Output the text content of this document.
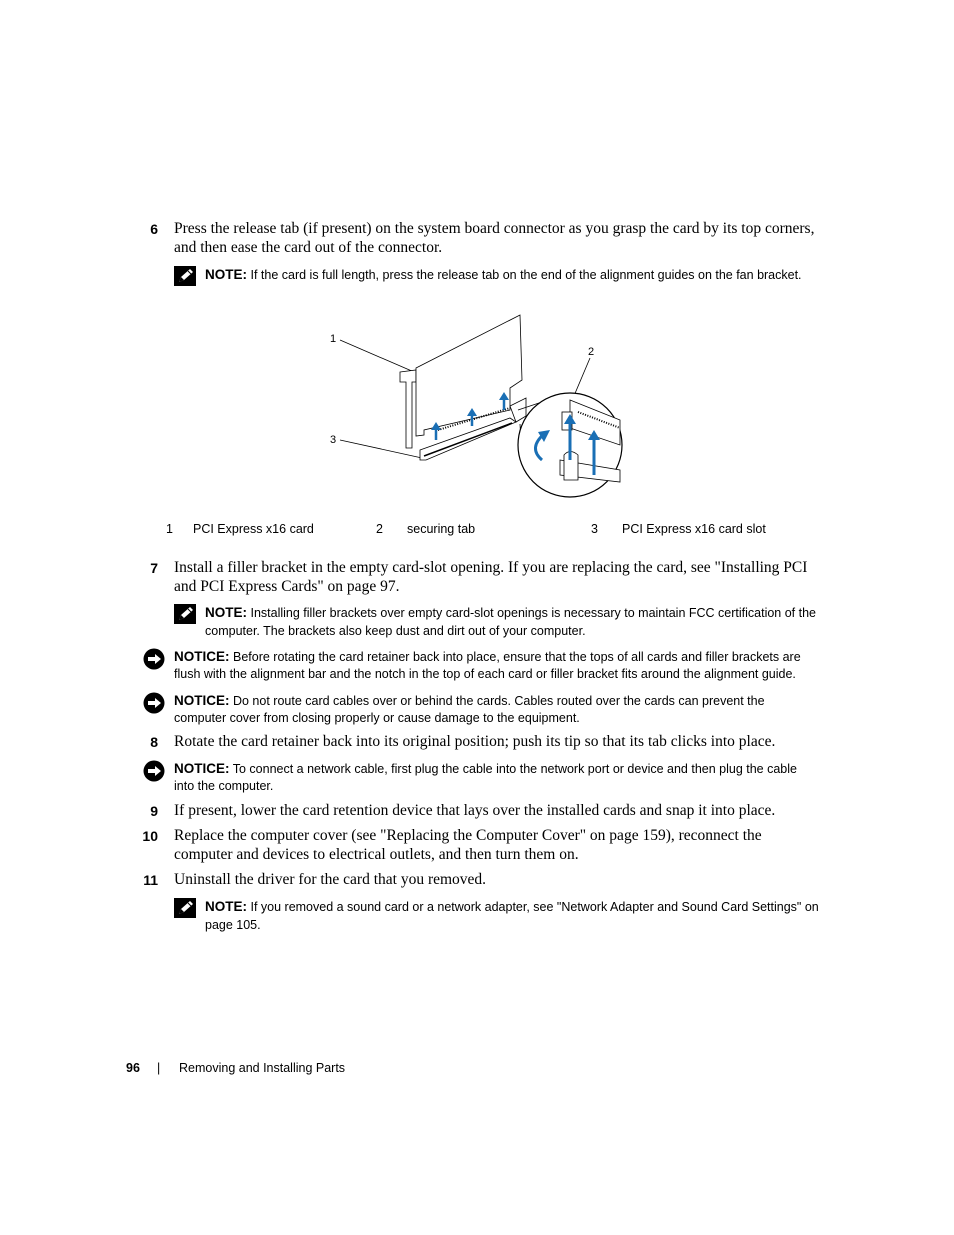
6 Press the release tab (if present) on the system board connector as you grasp the card by its top corners, and then ease the card out of the connector.
NOTE: If the card is full length, press the release tab on the end of the alignment guides on the fan bracket.
1
2
3
1 PCI Express x16 card	2 securing tab	3 PCI Express x16 card slot
7 Install a filler bracket in the empty card-slot opening. If you are replacing the card, see "Installing PCI and PCI Express Cards" on page 97.
NOTE: Installing filler brackets over empty card-slot openings is necessary to maintain FCC certification of the computer. The brackets also keep dust and dirt out of your computer.
NOTICE: Before rotating the card retainer back into place, ensure that the tops of all cards and filler brackets are flush with the alignment bar and the notch in the top of each card or filler bracket fits around the alignment guide.
NOTICE: Do not route card cables over or behind the cards. Cables routed over the cards can prevent the computer cover from closing properly or cause damage to the equipment.
8 Rotate the card retainer back into its original position; push its tip so that its tab clicks into place.
NOTICE: To connect a network cable, first plug the cable into the network port or device and then plug the cable into the computer.
9 If present, lower the card retention device that lays over the installed cards and snap it into place.
10 Replace the computer cover (see "Replacing the Computer Cover" on page 159), reconnect the computer and devices to electrical outlets, and then turn them on.
11 Uninstall the driver for the card that you removed.
NOTE: If you removed a sound card or a network adapter, see "Network Adapter and Sound Card Settings" on page 105.
96 | Removing and Installing Parts
